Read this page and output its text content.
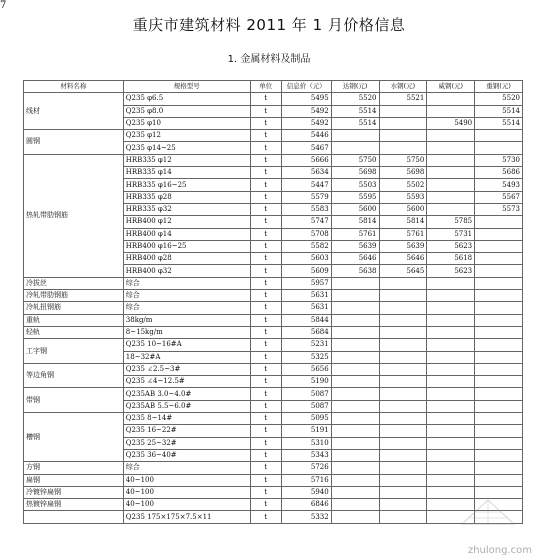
7
重庆市建筑材料 2011 年 1 月价格信息
1. 金属材料及制品
材料名称	规格型号	单位	信息价（元）	达钢(元)	水钢(元)	威钢(元)	重钢(元)
线材	Q235 φ6.5	t	5495	5520	5521		5520
	Q235 φ8.0	t	5492	5514			5514
	Q235 φ10	t	5492	5514		5490	5514
圆钢	Q235 φ12	t	5446				
	Q235 φ14~25	t	5467				
热轧带肋钢筋	HRB335 φ12	t	5666	5750	5750		5730
	HRB335 φ14	t	5634	5698	5698		5686
	HRB335 φ16~25	t	5447	5503	5502		5493
	HRB335 φ28	t	5579	5595	5593		5567
	HRB335 φ32	t	5583	5600	5600		5573
	HRB400 φ12	t	5747	5814	5814	5785	
	HRB400 φ14	t	5708	5761	5761	5731	
	HRB400 φ16~25	t	5582	5639	5639	5623	
	HRB400 φ28	t	5603	5646	5646	5618	
	HRB400 φ32	t	5609	5638	5645	5623	
冷拔丝	综合	t	5957				
冷轧带肋钢筋	综合	t	5631				
冷轧扭钢筋	综合	t	5631				
重轨	38kg/m	t	5844				
轻轨	8~15kg/m	t	5684				
工字钢	Q235 10~16#A	t	5231				
	18~32#A	t	5325				
等边角钢	Q235 ∠2.5~3#	t	5656				
	Q235 ∠4~12.5#	t	5190				
带钢	Q235AB 3.0~4.0#	t	5087				
	Q235AB 5.5~6.0#	t	5087				
槽钢	Q235 8~14#	t	5095				
	Q235 16~22#	t	5191				
	Q235 25~32#	t	5310				
	Q235 36~40#	t	5343				
方钢	综合	t	5726				
扁钢	40~100	t	5716				
冷镀锌扁钢	40~100	t	5940				
热镀锌扁钢	40~100	t	6846				
	Q235 175×175×7.5×11	t	5332				
zhulong.com
